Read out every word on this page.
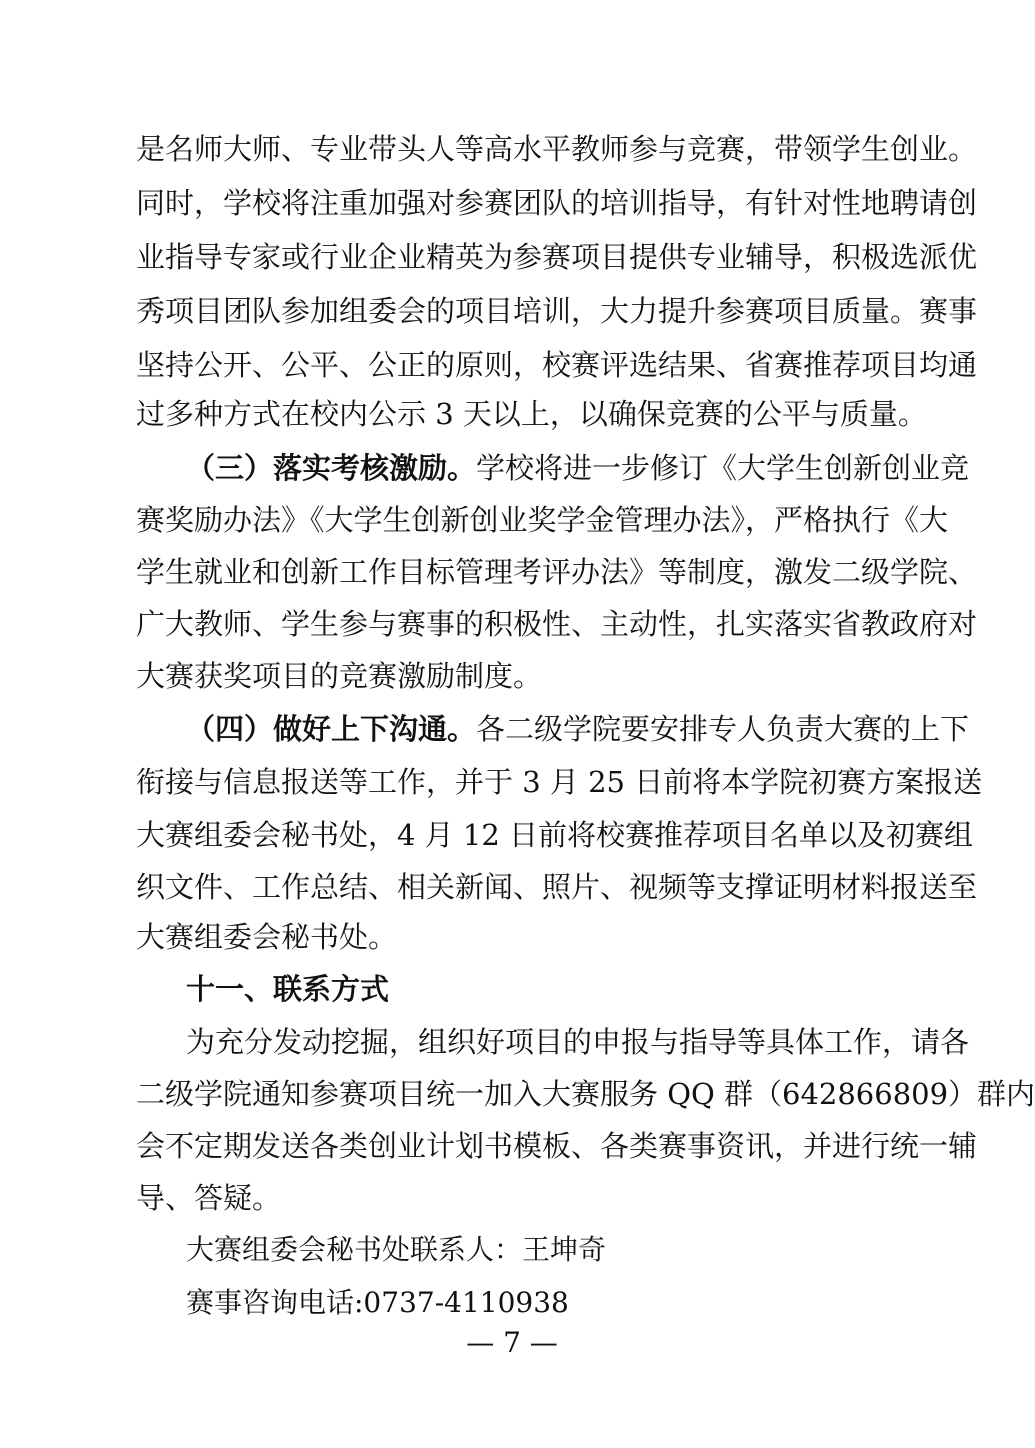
是名师大师、专业带头人等高水平教师参与竞赛，带领学生创业。
同时，学校将注重加强对参赛团队的培训指导，有针对性地聘请创
业指导专家或行业企业精英为参赛项目提供专业辅导，积极选派优
秀项目团队参加组委会的项目培训，大力提升参赛项目质量。赛事
坚持公开、公平、公正的原则，校赛评选结果、省赛推荐项目均通
过多种方式在校内公示 3 天以上，以确保竞赛的公平与质量。
（三）落实考核激励。学校将进一步修订《大学生创新创业竞
赛奖励办法》《大学生创新创业奖学金管理办法》，严格执行《大
学生就业和创新工作目标管理考评办法》等制度，激发二级学院、
广大教师、学生参与赛事的积极性、主动性，扎实落实省教政府对
大赛获奖项目的竞赛激励制度。
（四）做好上下沟通。各二级学院要安排专人负责大赛的上下
衔接与信息报送等工作，并于 3 月 25 日前将本学院初赛方案报送
大赛组委会秘书处，4 月 12 日前将校赛推荐项目名单以及初赛组
织文件、工作总结、相关新闻、照片、视频等支撑证明材料报送至
大赛组委会秘书处。
十一、联系方式
为充分发动挖掘，组织好项目的申报与指导等具体工作，请各
二级学院通知参赛项目统一加入大赛服务 QQ 群（642866809）群内
会不定期发送各类创业计划书模板、各类赛事资讯，并进行统一辅
导、答疑。
大赛组委会秘书处联系人：王坤奇
赛事咨询电话:0737-4110938
— 7 —
